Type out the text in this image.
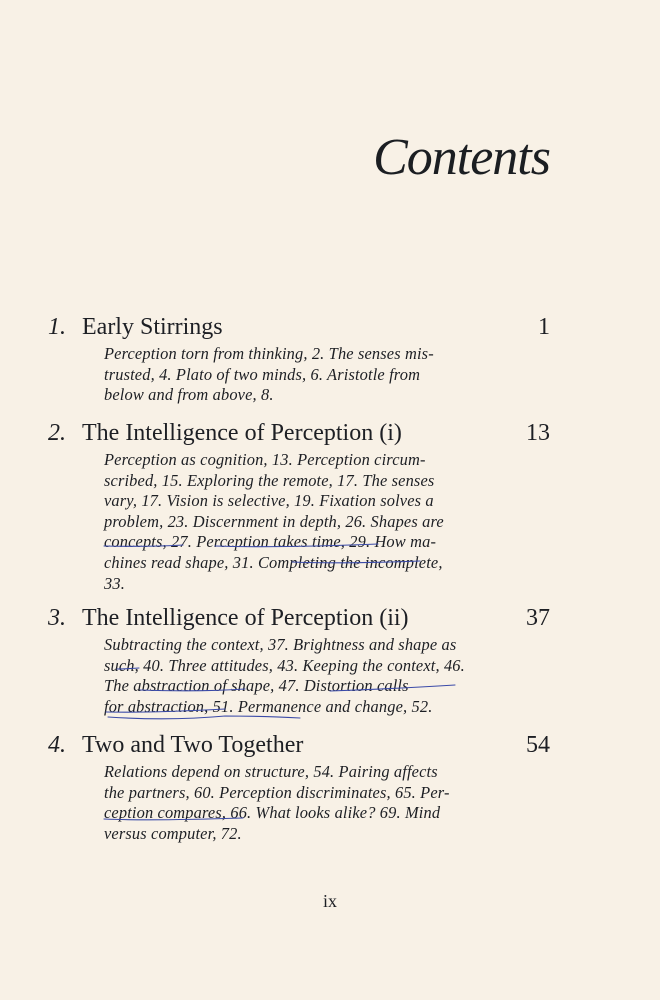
Contents
1. Early Stirrings	1
Perception torn from thinking, 2. The senses mis-
trusted, 4. Plato of two minds, 6. Aristotle from
below and from above, 8.
2. The Intelligence of Perception (i)	13
Perception as cognition, 13. Perception circum-
scribed, 15. Exploring the remote, 17. The senses
vary, 17. Vision is selective, 19. Fixation solves a
problem, 23. Discernment in depth, 26. Shapes are
concepts, 27. Perception takes time, 29. How ma-
chines read shape, 31. Completing the incomplete,
33.
3. The Intelligence of Perception (ii)	37
Subtracting the context, 37. Brightness and shape as
such, 40. Three attitudes, 43. Keeping the context, 46.
The abstraction of shape, 47. Distortion calls
for abstraction, 51. Permanence and change, 52.
4. Two and Two Together	54
Relations depend on structure, 54. Pairing affects
the partners, 60. Perception discriminates, 65. Per-
ception compares, 66. What looks alike? 69. Mind
versus computer, 72.
ix
